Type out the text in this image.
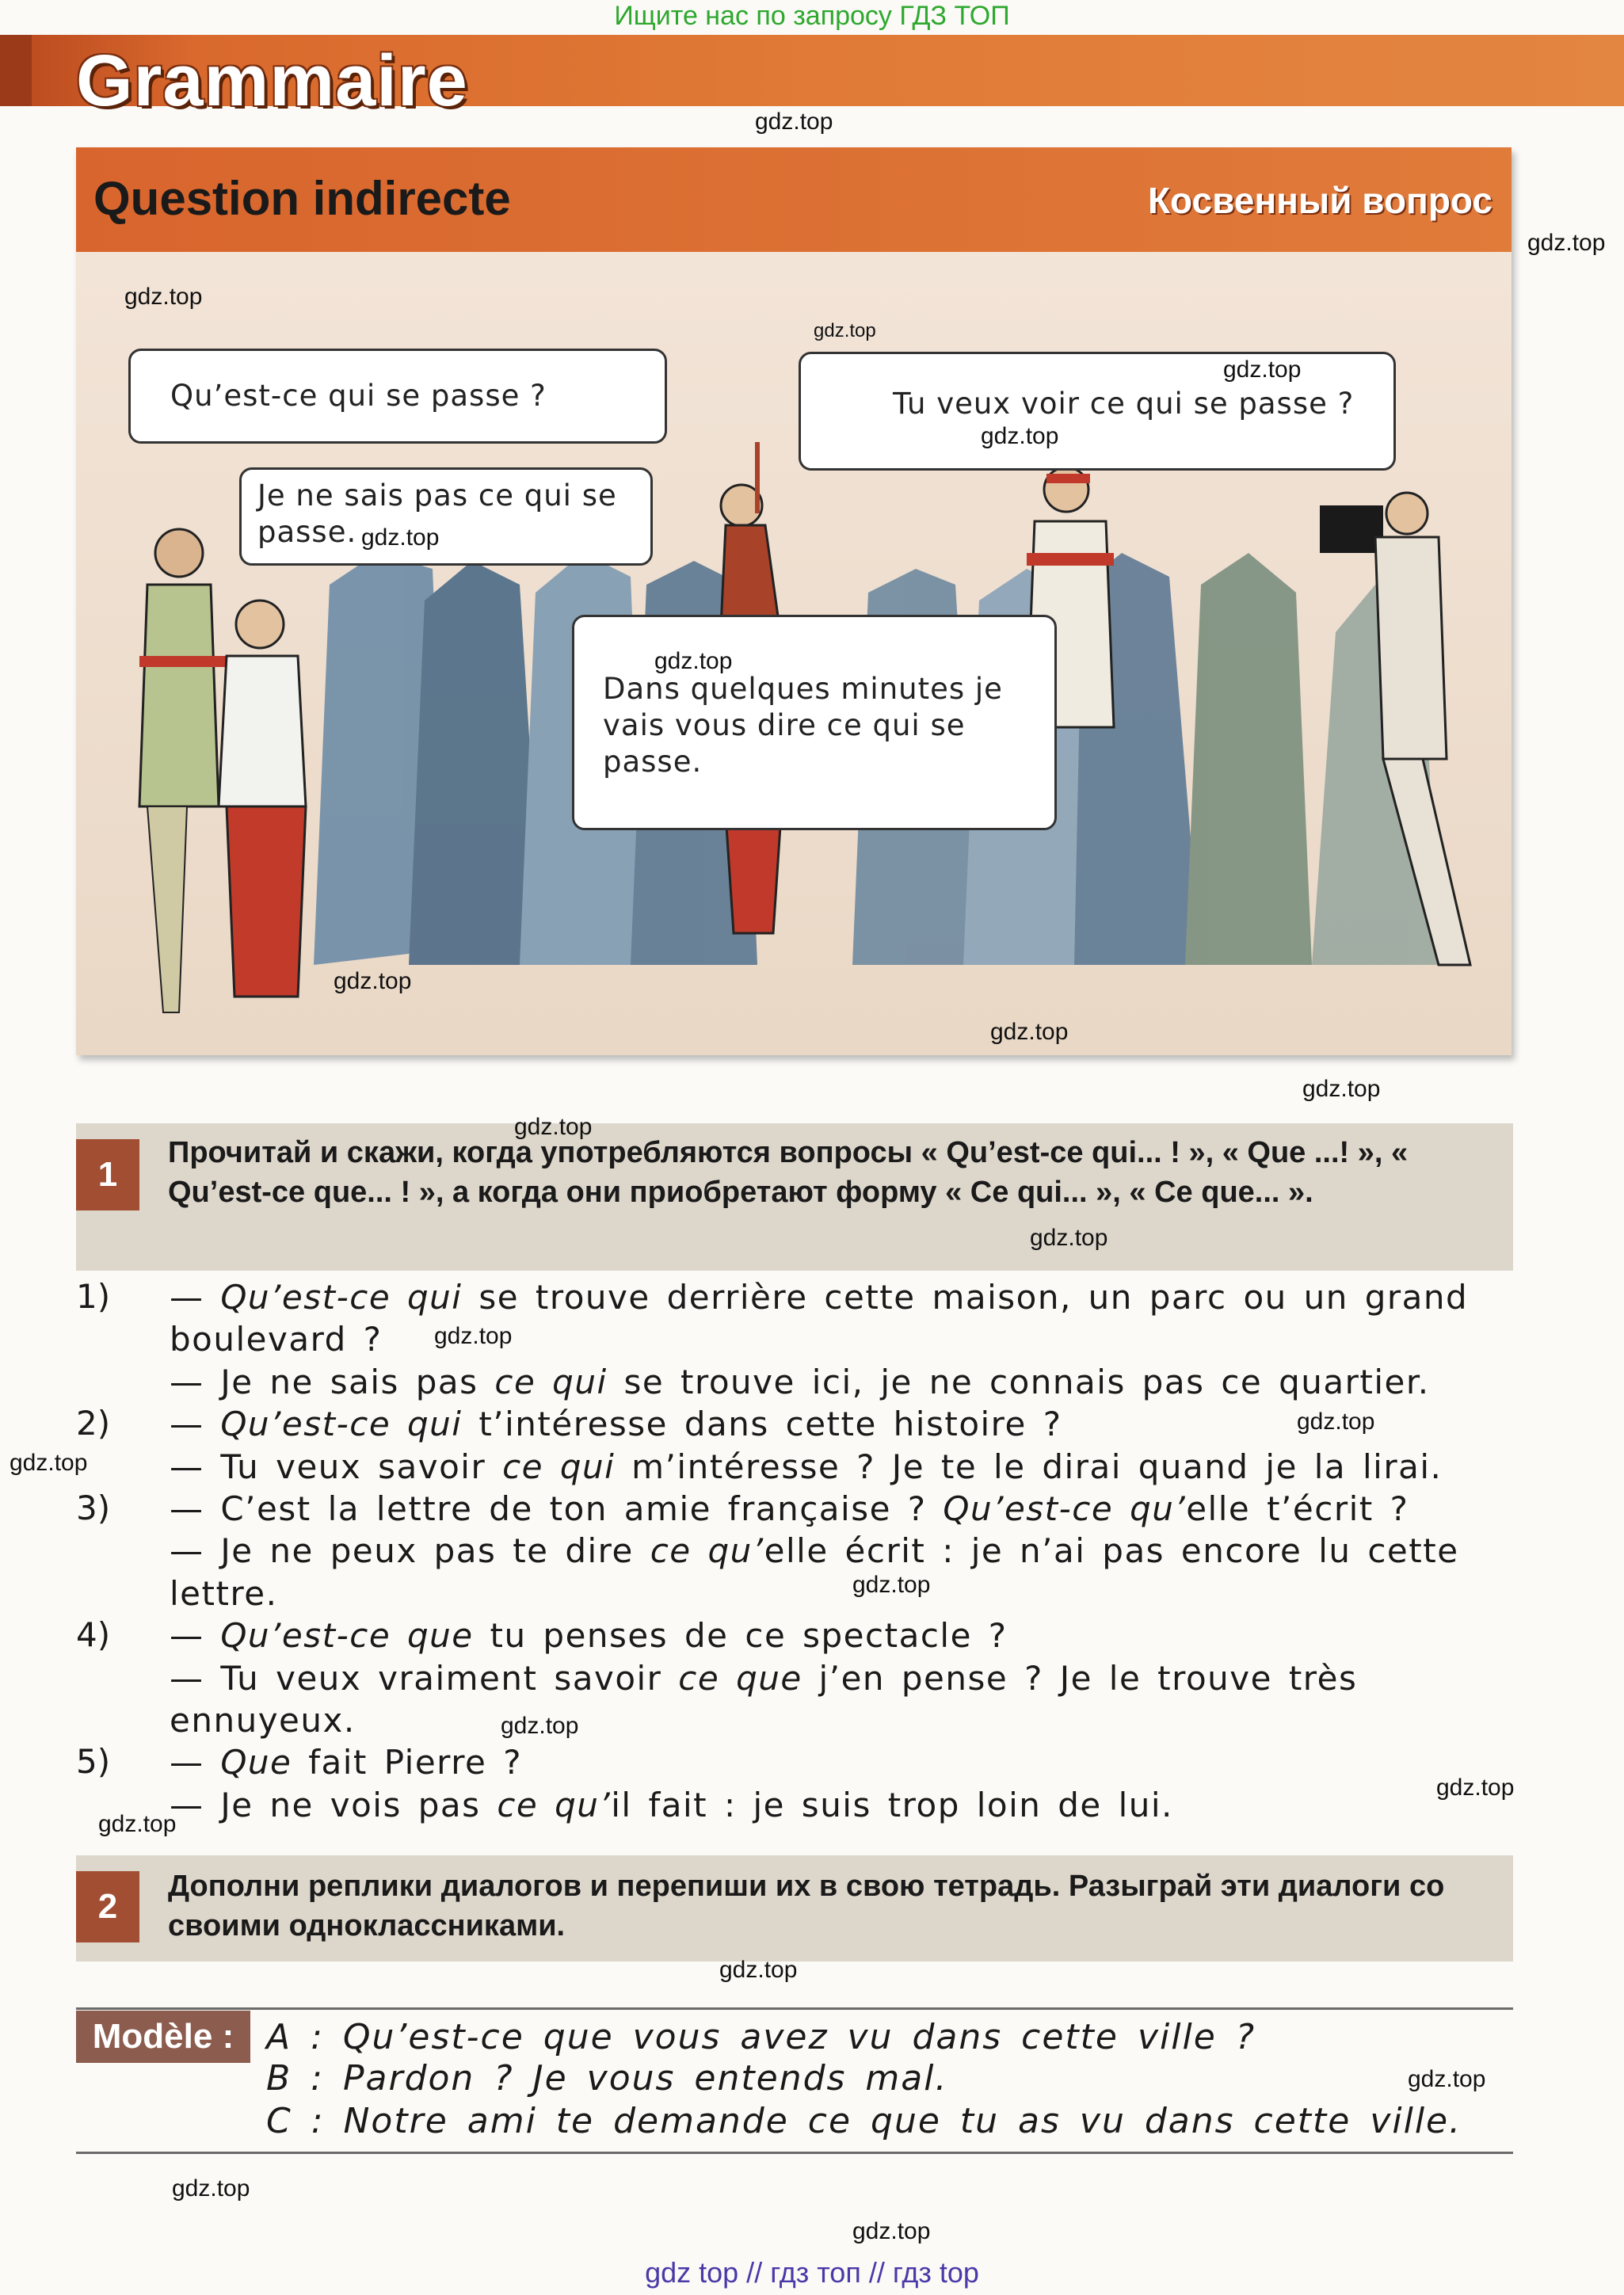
Ищите нас по запросу ГДЗ ТОП
Grammaire
Question indirecte	Косвенный вопрос
Qu’est-ce qui se passe ?
Je ne sais pas ce qui se passe.
Tu veux voir ce qui se passe ?
Dans quelques minutes je vais vous dire ce qui se passe.
1
Прочитай и скажи, когда употребляются вопросы « Qu’est-ce qui... ! », « Que ...! », « Qu’est-ce que... ! », а когда они приобретают форму « Ce qui... », « Ce que... ».
1) — Qu’est-ce qui se trouve derrière cette maison, un parc ou un grand
boulevard ?
— Je ne sais pas ce qui se trouve ici, je ne connais pas ce quartier.
2) — Qu’est-ce qui t’intéresse dans cette histoire ?
— Tu veux savoir ce qui m’intéresse ? Je te le dirai quand je la lirai.
3) — C’est la lettre de ton amie française ? Qu’est-ce qu’elle t’écrit ?
— Je ne peux pas te dire ce qu’elle écrit : je n’ai pas encore lu cette
lettre.
4) — Qu’est-ce que tu penses de ce spectacle ?
— Tu veux vraiment savoir ce que j’en pense ? Je le trouve très
ennuyeux.
5) — Que fait Pierre ?
— Je ne vois pas ce qu’il fait : je suis trop loin de lui.
2
Дополни реплики диалогов и перепиши их в свою тетрадь. Разыграй эти диалоги со своими одноклассниками.
Modèle : A : Qu’est-ce que vous avez vu dans cette ville ?
B : Pardon ? Je vous entends mal.
C : Notre ami te demande ce que tu as vu dans cette ville.
gdz.top
gdz.top
gdz.top
gdz.top
gdz.top
gdz.top
gdz.top
gdz.top
gdz.top
gdz.top
gdz.top
gdz.top
gdz.top
gdz.top
gdz.top
gdz.top
gdz.top
gdz.top
gdz.top
gdz.top
gdz.top
gdz.top
gdz.top
gdz.top
gdz top // гдз топ // гдз top
